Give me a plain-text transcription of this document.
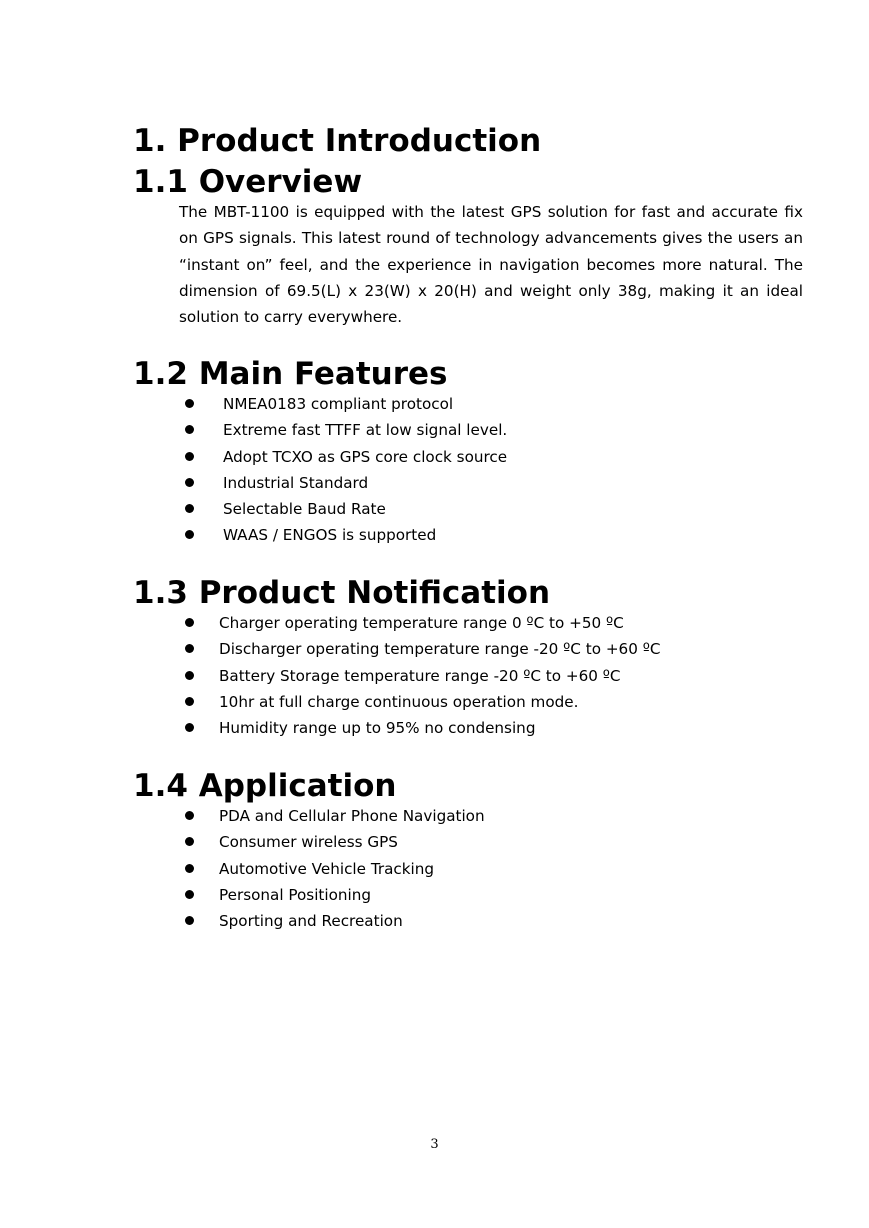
1. Product Introduction
1.1 Overview

The MBT-1100 is equipped with the latest GPS solution for fast and accurate fix on GPS signals. This latest round of technology advancements gives the users an “instant on” feel, and the experience in navigation becomes more natural. The dimension of 69.5(L) x 23(W) x 20(H) and weight only 38g, making it an ideal solution to carry everywhere.

1.2 Main Features
NMEA0183 compliant protocol
Extreme fast TTFF at low signal level.
Adopt TCXO as GPS core clock source
Industrial Standard
Selectable Baud Rate
WAAS / ENGOS is supported
1.3 Product Notification
Charger operating temperature range 0 ºC to +50 ºC
Discharger operating temperature range -20 ºC to +60 ºC
Battery Storage temperature range -20 ºC to +60 ºC
10hr at full charge continuous operation mode.
Humidity range up to 95% no condensing
1.4 Application
PDA and Cellular Phone Navigation
Consumer wireless GPS
Automotive Vehicle Tracking
Personal Positioning
Sporting and Recreation
3
